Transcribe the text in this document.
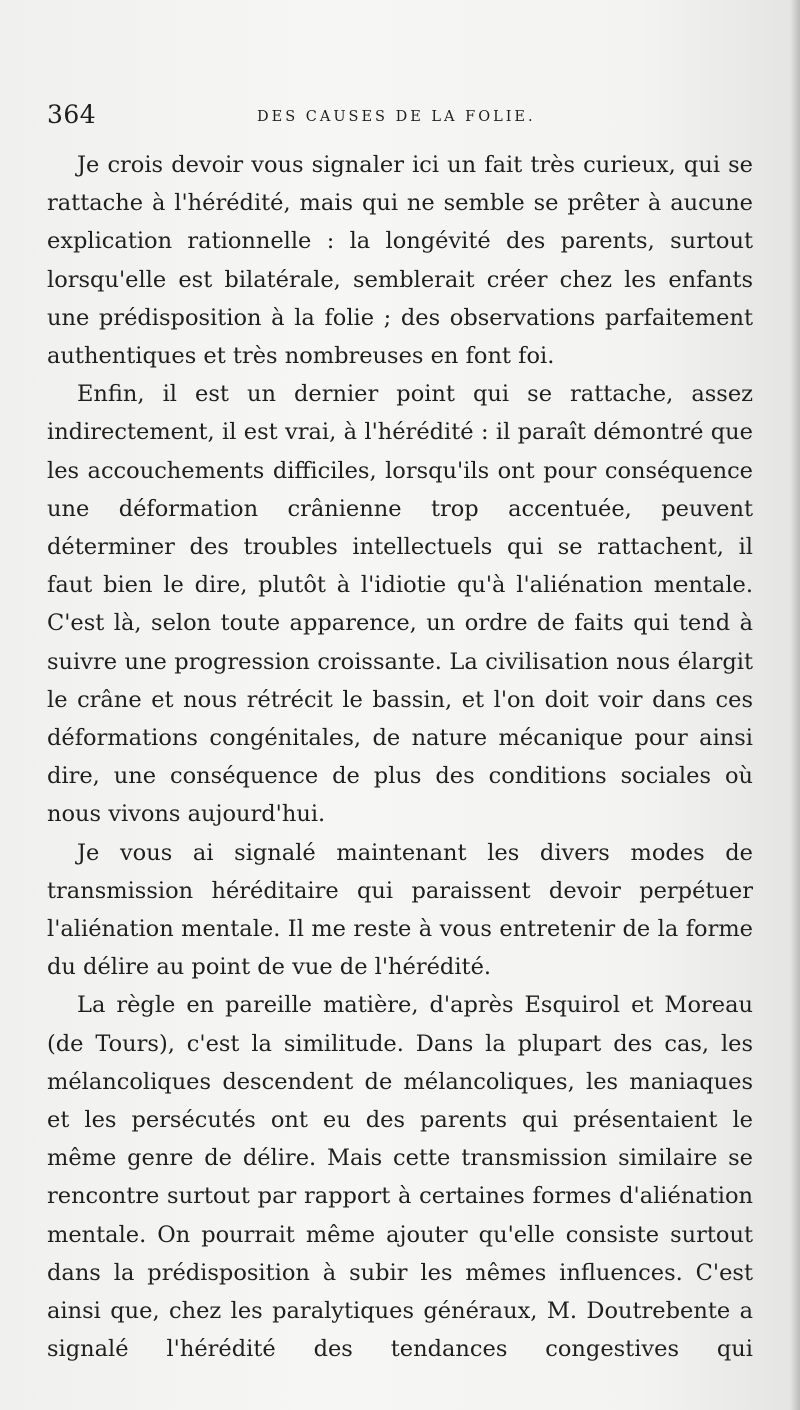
364	DES CAUSES DE LA FOLIE.

Je crois devoir vous signaler ici un fait très curieux, qui se rattache à l'hérédité, mais qui ne semble se prêter à aucune explication rationnelle : la longévité des parents, surtout lorsqu'elle est bilatérale, semblerait créer chez les enfants une prédisposition à la folie ; des observations parfaitement authentiques et très nombreuses en font foi.

Enfin, il est un dernier point qui se rattache, assez indirectement, il est vrai, à l'hérédité : il paraît démontré que les accouchements difficiles, lorsqu'ils ont pour conséquence une déformation crânienne trop accentuée, peuvent déterminer des troubles intellectuels qui se rattachent, il faut bien le dire, plutôt à l'idiotie qu'à l'aliénation mentale. C'est là, selon toute apparence, un ordre de faits qui tend à suivre une progression croissante. La civilisation nous élargit le crâne et nous rétrécit le bassin, et l'on doit voir dans ces déformations congénitales, de nature mécanique pour ainsi dire, une conséquence de plus des conditions sociales où nous vivons aujourd'hui.

Je vous ai signalé maintenant les divers modes de transmission héréditaire qui paraissent devoir perpétuer l'aliénation mentale. Il me reste à vous entretenir de la forme du délire au point de vue de l'hérédité.

La règle en pareille matière, d'après Esquirol et Moreau (de Tours), c'est la similitude. Dans la plupart des cas, les mélancoliques descendent de mélancoliques, les maniaques et les persécutés ont eu des parents qui présentaient le même genre de délire. Mais cette transmission similaire se rencontre surtout par rapport à certaines formes d'aliénation mentale. On pourrait même ajouter qu'elle consiste surtout dans la prédisposition à subir les mêmes influences. C'est ainsi que, chez les paralytiques généraux, M. Doutrebente a signalé l'hérédité des tendances congestives qui
